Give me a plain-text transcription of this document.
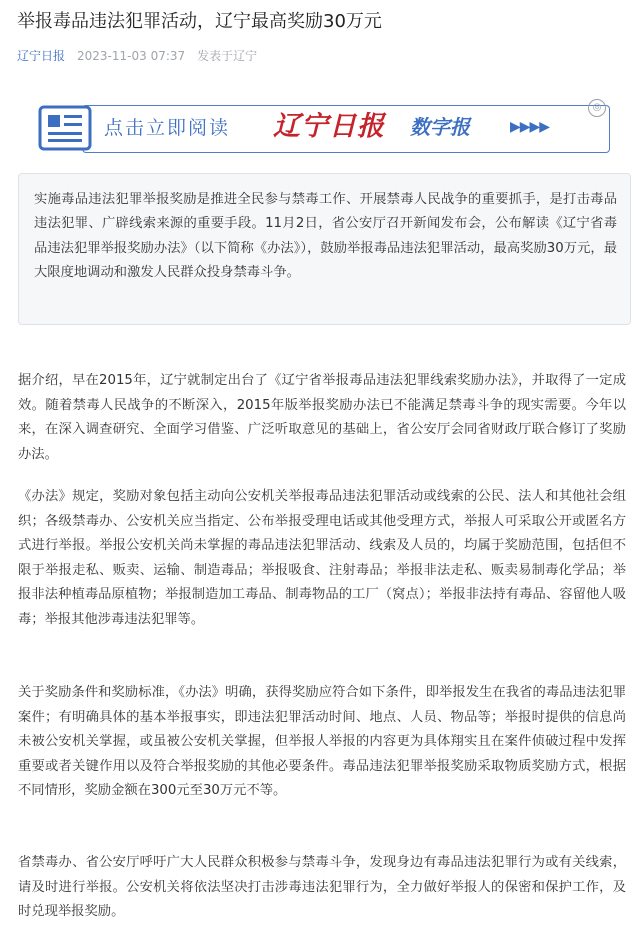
举报毒品违法犯罪活动，辽宁最高奖励30万元
辽宁日报 2023-11-03 07:37 发表于辽宁
点击立即阅读 辽宁日报 数字报	▶▶▶▶
◎

实施毒品违法犯罪举报奖励是推进全民参与禁毒工作、开展禁毒人民战争的重要抓手，是打击毒品违法犯罪、广辟线索来源的重要手段。11月2日，省公安厅召开新闻发布会，公布解读《辽宁省毒品违法犯罪举报奖励办法》（以下简称《办法》），鼓励举报毒品违法犯罪活动，最高奖励30万元，最大限度地调动和激发人民群众投身禁毒斗争。

据介绍，早在2015年，辽宁就制定出台了《辽宁省举报毒品违法犯罪线索奖励办法》，并取得了一定成效。随着禁毒人民战争的不断深入，2015年版举报奖励办法已不能满足禁毒斗争的现实需要。今年以来，在深入调查研究、全面学习借鉴、广泛听取意见的基础上，省公安厅会同省财政厅联合修订了奖励办法。

《办法》规定，奖励对象包括主动向公安机关举报毒品违法犯罪活动或线索的公民、法人和其他社会组织；各级禁毒办、公安机关应当指定、公布举报受理电话或其他受理方式，举报人可采取公开或匿名方式进行举报。举报公安机关尚未掌握的毒品违法犯罪活动、线索及人员的，均属于奖励范围，包括但不限于举报走私、贩卖、运输、制造毒品；举报吸食、注射毒品；举报非法走私、贩卖易制毒化学品；举报非法种植毒品原植物；举报制造加工毒品、制毒物品的工厂（窝点）；举报非法持有毒品、容留他人吸毒；举报其他涉毒违法犯罪等。

关于奖励条件和奖励标准，《办法》明确，获得奖励应符合如下条件，即举报发生在我省的毒品违法犯罪案件；有明确具体的基本举报事实，即违法犯罪活动时间、地点、人员、物品等；举报时提供的信息尚未被公安机关掌握，或虽被公安机关掌握，但举报人举报的内容更为具体翔实且在案件侦破过程中发挥重要或者关键作用以及符合举报奖励的其他必要条件。毒品违法犯罪举报奖励采取物质奖励方式，根据不同情形，奖励金额在300元至30万元不等。

省禁毒办、省公安厅呼吁广大人民群众积极参与禁毒斗争，发现身边有毒品违法犯罪行为或有关线索，请及时进行举报。公安机关将依法坚决打击涉毒违法犯罪行为，全力做好举报人的保密和保护工作，及时兑现举报奖励。
